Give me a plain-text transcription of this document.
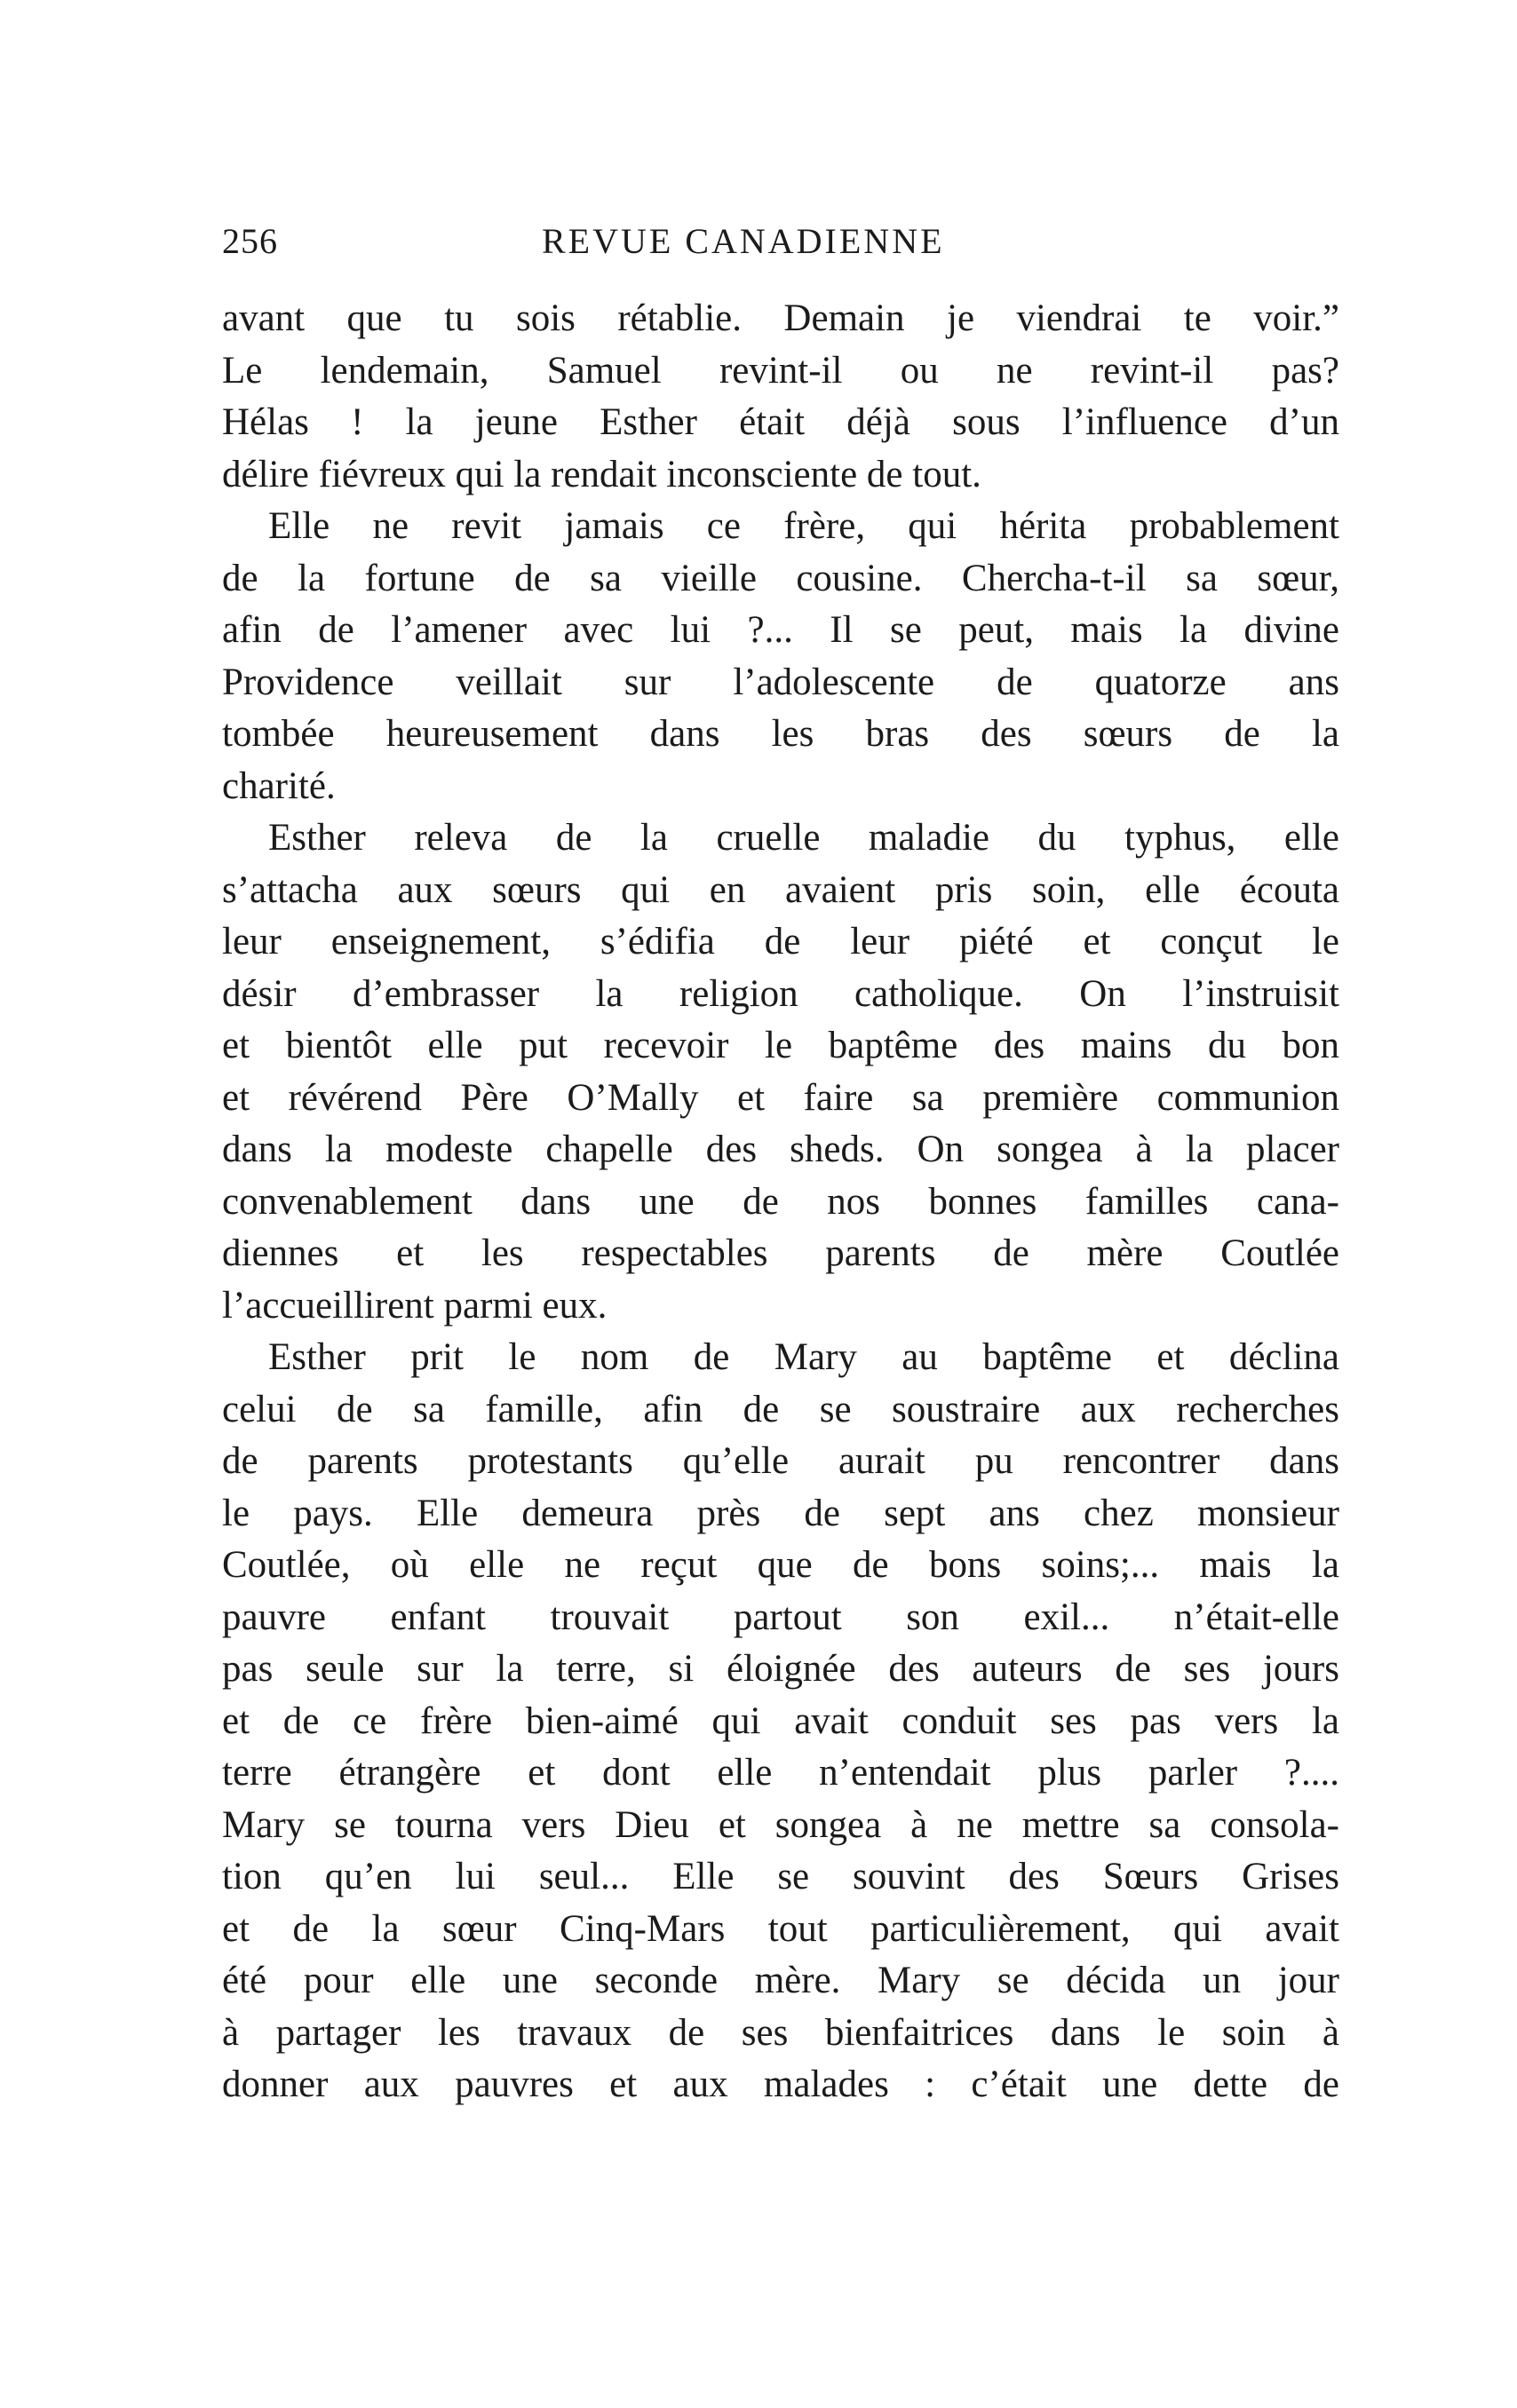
256	REVUE CANADIENNE
avant que tu sois rétablie. Demain je viendrai te voir.”
Le lendemain, Samuel revint-il ou ne revint-il pas?
Hélas ! la jeune Esther était déjà sous l’influence d’un
délire fiévreux qui la rendait inconsciente de tout.
Elle ne revit jamais ce frère, qui hérita probablement
de la fortune de sa vieille cousine. Chercha-t-il sa sœur,
afin de l’amener avec lui ?... Il se peut, mais la divine
Providence veillait sur l’adolescente de quatorze ans
tombée heureusement dans les bras des sœurs de la
charité.
Esther releva de la cruelle maladie du typhus, elle
s’attacha aux sœurs qui en avaient pris soin, elle écouta
leur enseignement, s’édifia de leur piété et conçut le
désir d’embrasser la religion catholique. On l’instruisit
et bientôt elle put recevoir le baptême des mains du bon
et révérend Père O’Mally et faire sa première communion
dans la modeste chapelle des sheds. On songea à la placer
convenablement dans une de nos bonnes familles cana-
diennes et les respectables parents de mère Coutlée
l’accueillirent parmi eux.
Esther prit le nom de Mary au baptême et déclina
celui de sa famille, afin de se soustraire aux recherches
de parents protestants qu’elle aurait pu rencontrer dans
le pays. Elle demeura près de sept ans chez monsieur
Coutlée, où elle ne reçut que de bons soins;... mais la
pauvre enfant trouvait partout son exil... n’était-elle
pas seule sur la terre, si éloignée des auteurs de ses jours
et de ce frère bien-aimé qui avait conduit ses pas vers la
terre étrangère et dont elle n’entendait plus parler ?....
Mary se tourna vers Dieu et songea à ne mettre sa consola-
tion qu’en lui seul... Elle se souvint des Sœurs Grises
et de la sœur Cinq-Mars tout particulièrement, qui avait
été pour elle une seconde mère. Mary se décida un jour
à partager les travaux de ses bienfaitrices dans le soin à
donner aux pauvres et aux malades : c’était une dette de
